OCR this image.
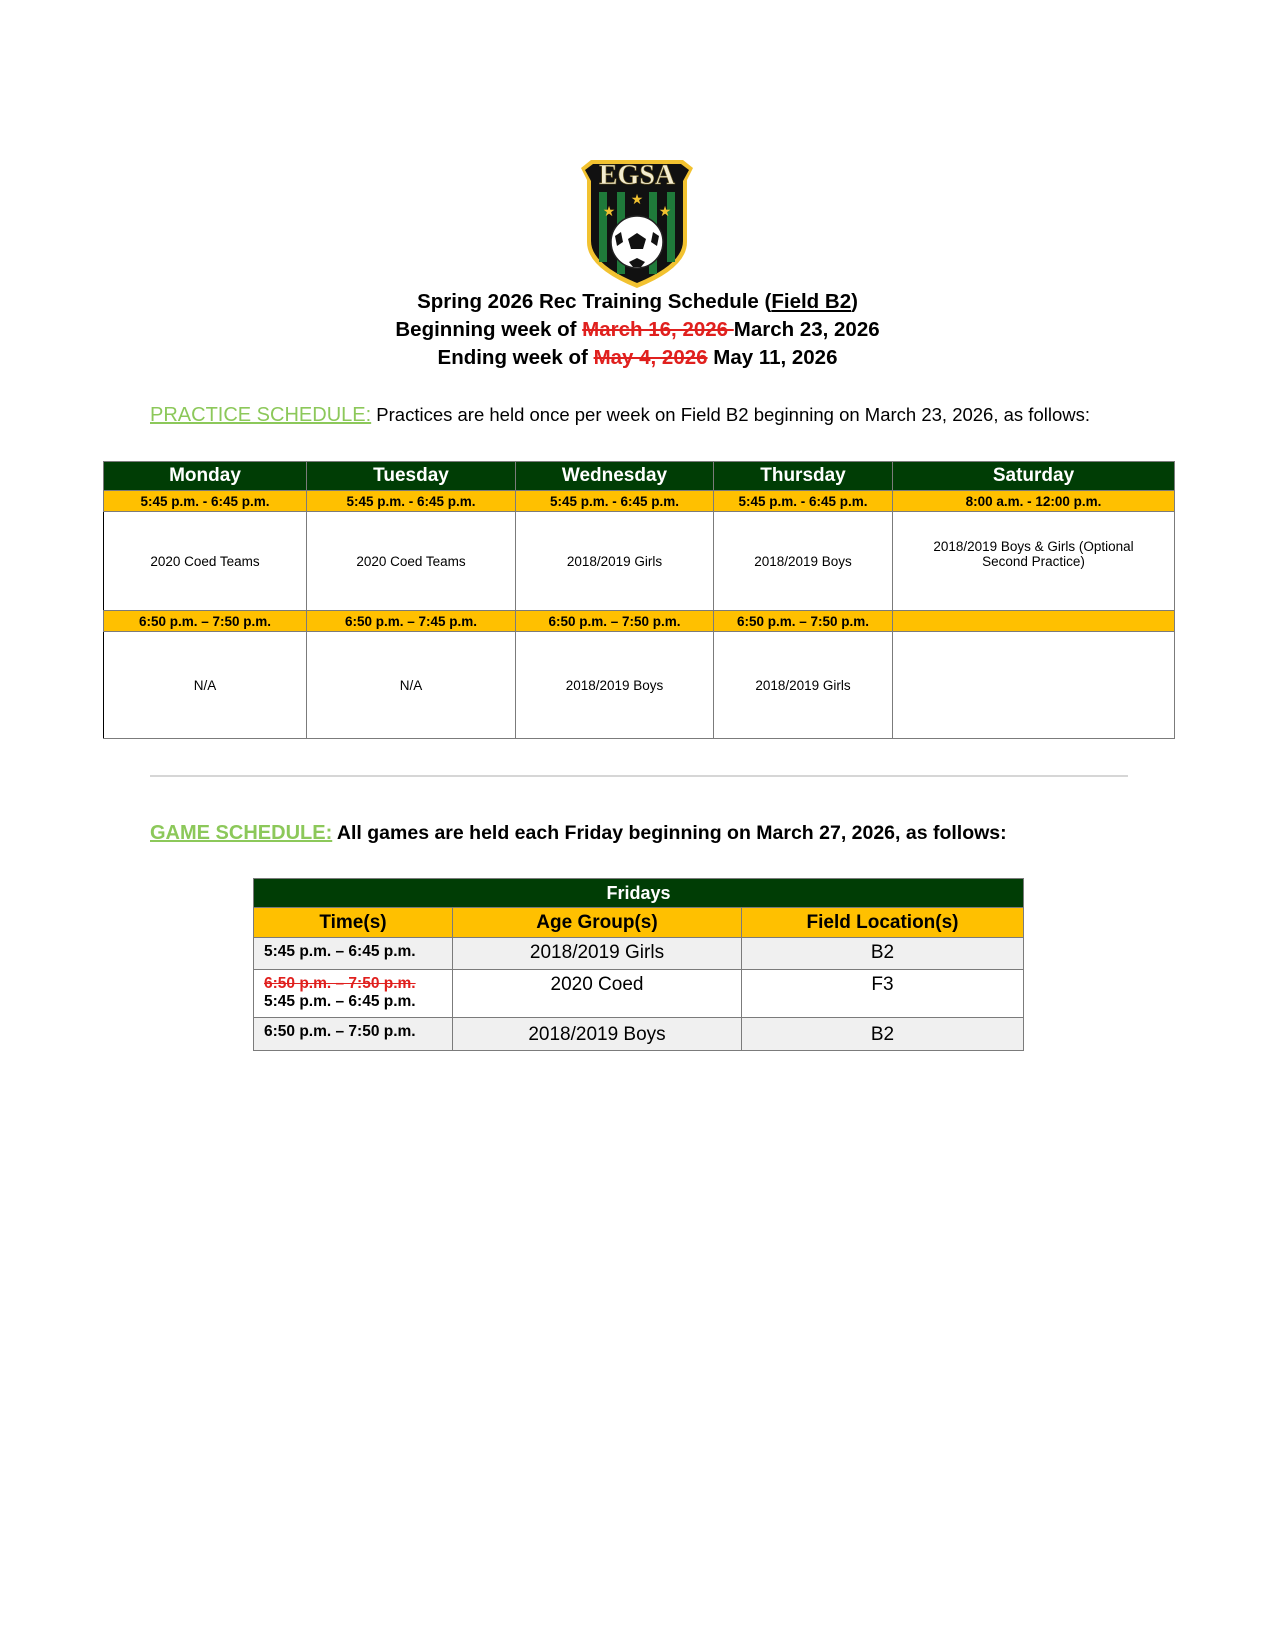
EGSA
★
★	★
Spring 2026 Rec Training Schedule (Field B2)
Beginning week of March 16, 2026 March 23, 2026
Ending week of May 4, 2026 May 11, 2026
PRACTICE SCHEDULE: Practices are held once per week on Field B2 beginning on March 23, 2026, as follows:
Monday	Tuesday	Wednesday	Thursday	Saturday
5:45 p.m. - 6:45 p.m.	5:45 p.m. - 6:45 p.m.	5:45 p.m. - 6:45 p.m.	5:45 p.m. - 6:45 p.m.	8:00 a.m. - 12:00 p.m.
2020 Coed Teams	2020 Coed Teams	2018/2019 Girls	2018/2019 Boys	2018/2019 Boys & Girls (Optional Second Practice)
6:50 p.m. – 7:50 p.m.	6:50 p.m. – 7:45 p.m.	6:50 p.m. – 7:50 p.m.	6:50 p.m. – 7:50 p.m.	
N/A	N/A	2018/2019 Boys	2018/2019 Girls	
GAME SCHEDULE: All games are held each Friday beginning on March 27, 2026, as follows:
Fridays		
Time(s)	Age Group(s)	Field Location(s)
5:45 p.m. – 6:45 p.m.	2018/2019 Girls	B2

6:50 p.m. – 7:50 p.m.
5:45 p.m. – 6:45 p.m.	2020 Coed	F3
6:50 p.m. – 7:50 p.m.	2018/2019 Boys	B2
